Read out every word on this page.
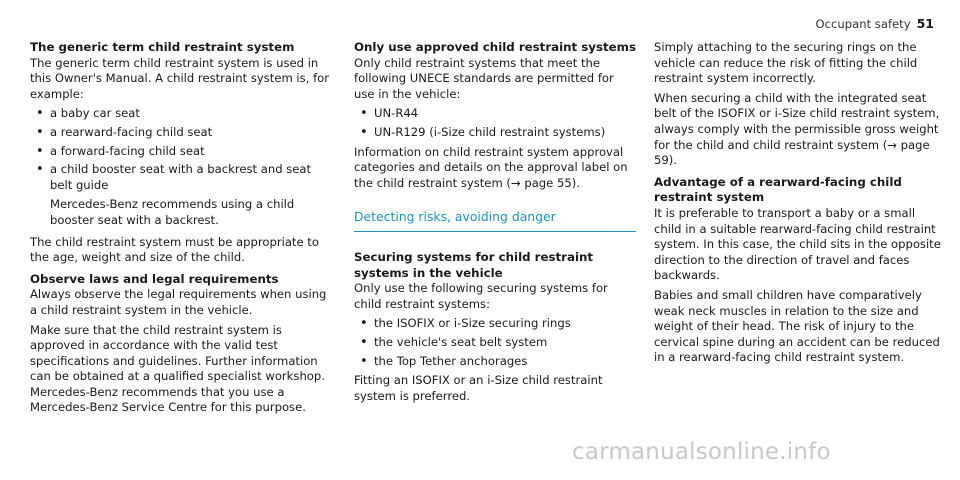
Occupant safety 51
The generic term child restraint system

The generic term child restraint system is used in this Owner's Manual. A child restraint system is, for example:

• a baby car seat
• a rearward-facing child seat
• a forward-facing child seat
• a child booster seat with a backrest and seat belt guide

Mercedes-Benz recommends using a child booster seat with a backrest.

The child restraint system must be appropriate to the age, weight and size of the child.

Observe laws and legal requirements

Always observe the legal requirements when using a child restraint system in the vehicle.

Make sure that the child restraint system is approved in accordance with the valid test specifications and guidelines. Further information can be obtained at a qualified specialist workshop. Mercedes-Benz recommends that you use a Mercedes-Benz Service Centre for this purpose.

Only use approved child restraint systems

Only child restraint systems that meet the following UNECE standards are permitted for use in the vehicle:

• UN-R44
• UN-R129 (i-Size child restraint systems)

Information on child restraint system approval categories and details on the approval label on the child restraint system (→ page 55).

Detecting risks, avoiding danger
Securing systems for child restraint systems in the vehicle

Only use the following securing systems for child restraint systems:

• the ISOFIX or i-Size securing rings
• the vehicle's seat belt system
• the Top Tether anchorages

Fitting an ISOFIX or an i-Size child restraint system is preferred.

Simply attaching to the securing rings on the vehicle can reduce the risk of fitting the child restraint system incorrectly.

When securing a child with the integrated seat belt of the ISOFIX or i-Size child restraint system, always comply with the permissible gross weight for the child and child restraint system (→ page 59).

Advantage of a rearward-facing child restraint system

It is preferable to transport a baby or a small child in a suitable rearward-facing child restraint system. In this case, the child sits in the opposite direction to the direction of travel and faces backwards.

Babies and small children have comparatively weak neck muscles in relation to the size and weight of their head. The risk of injury to the cervical spine during an accident can be reduced in a rearward-facing child restraint system.

carmanualsonline.info
